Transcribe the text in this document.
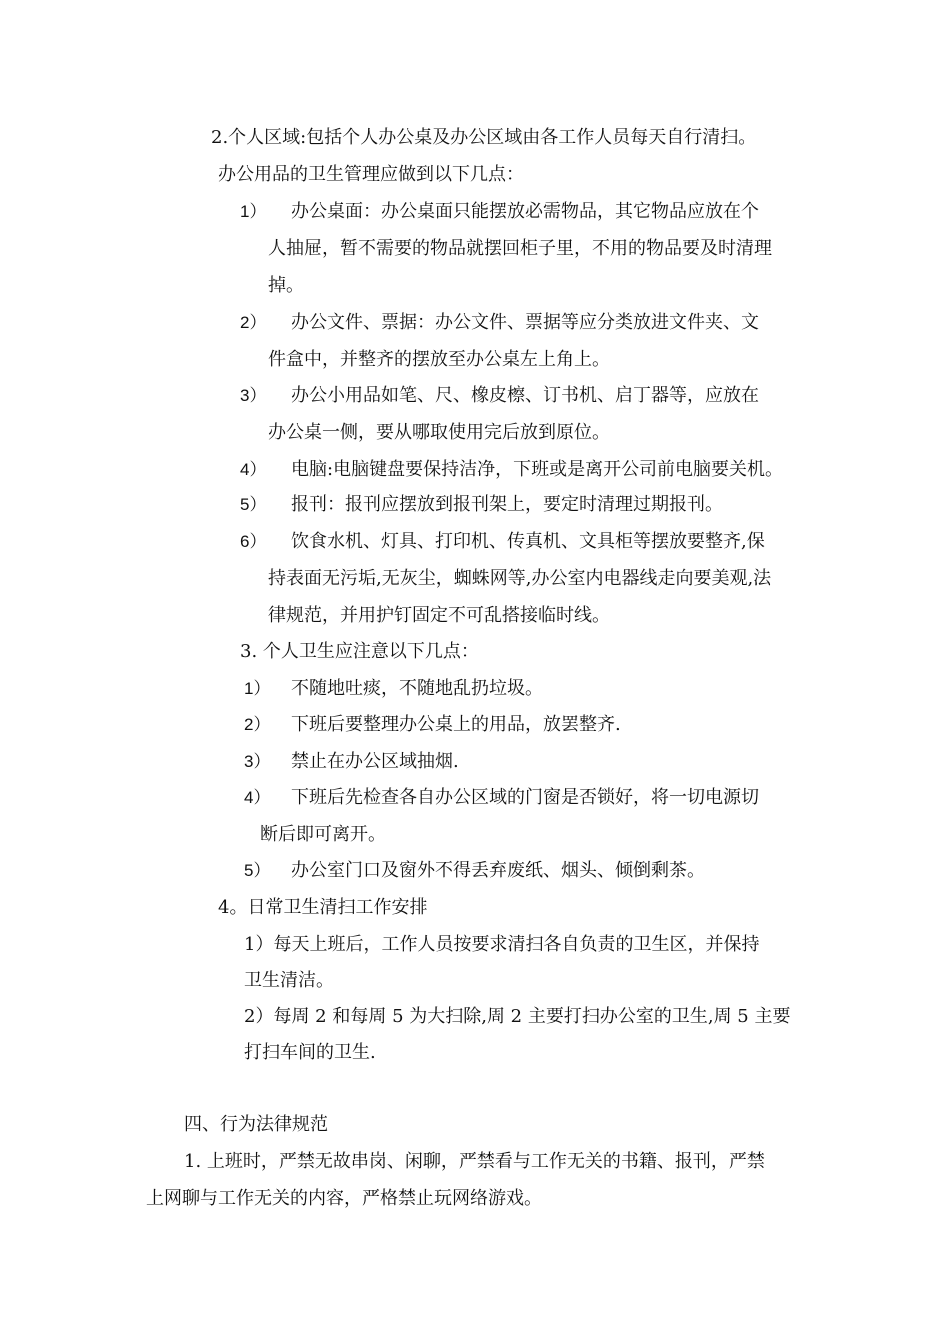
2.个人区域:包括个人办公桌及办公区域由各工作人员每天自行清扫。
办公用品的卫生管理应做到以下几点：
1） 办公桌面：办公桌面只能摆放必需物品，其它物品应放在个
人抽屉，暂不需要的物品就摆回柜子里，不用的物品要及时清理
掉。
2） 办公文件、票据：办公文件、票据等应分类放进文件夹、文
件盒中，并整齐的摆放至办公桌左上角上。
3） 办公小用品如笔、尺、橡皮檫、订书机、启丁器等，应放在
办公桌一侧，要从哪取使用完后放到原位。
4） 电脑:电脑键盘要保持洁净，下班或是离开公司前电脑要关机。
5） 报刊：报刊应摆放到报刊架上，要定时清理过期报刊。
6） 饮食水机、灯具、打印机、传真机、文具柜等摆放要整齐,保
持表面无污垢,无灰尘，蜘蛛网等,办公室内电器线走向要美观,法
律规范，并用护钉固定不可乱搭接临时线。
3. 个人卫生应注意以下几点：
1） 不随地吐痰，不随地乱扔垃圾。
2） 下班后要整理办公桌上的用品，放罢整齐.
3） 禁止在办公区域抽烟.
4） 下班后先检查各自办公区域的门窗是否锁好，将一切电源切
断后即可离开。
5） 办公室门口及窗外不得丢弃废纸、烟头、倾倒剩茶。
4。日常卫生清扫工作安排
1）每天上班后，工作人员按要求清扫各自负责的卫生区，并保持
卫生清洁。
2）每周 2 和每周 5 为大扫除,周 2 主要打扫办公室的卫生,周 5 主要
打扫车间的卫生.
四、行为法律规范
1. 上班时，严禁无故串岗、闲聊，严禁看与工作无关的书籍、报刊，严禁
上网聊与工作无关的内容，严格禁止玩网络游戏。
